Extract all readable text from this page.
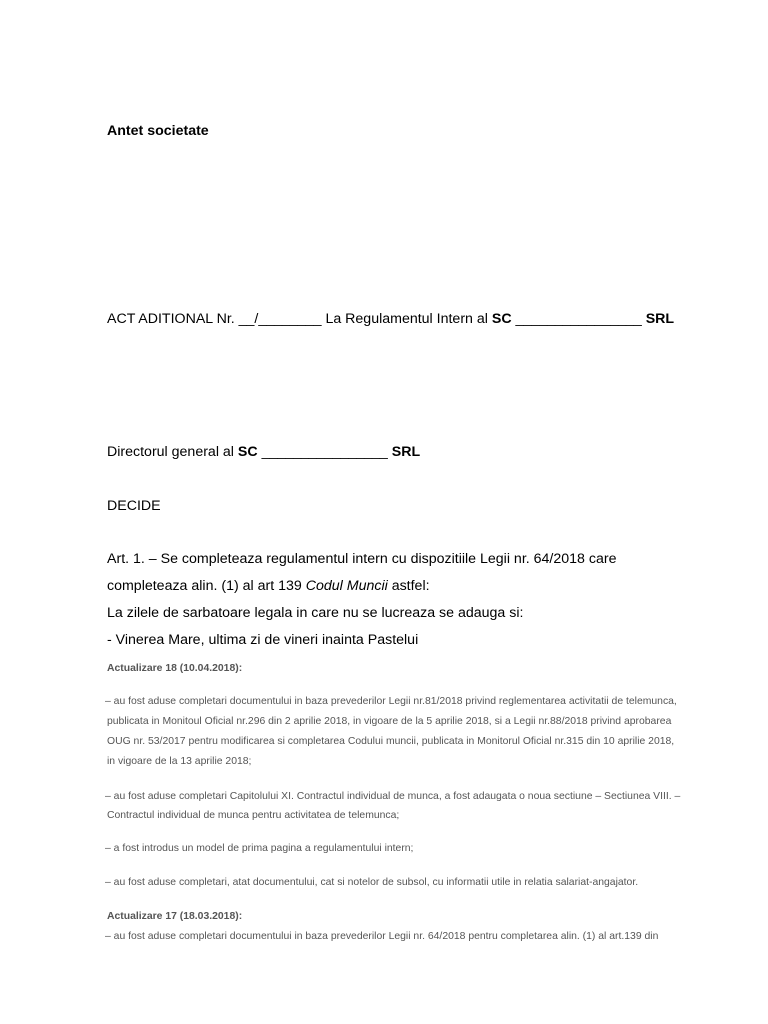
Antet societate
ACT ADITIONAL Nr. __/________ La Regulamentul Intern al SC ________________ SRL
Directorul general al SC ________________ SRL
DECIDE
Art. 1. – Se completeaza regulamentul intern cu dispozitiile Legii nr. 64/2018 care
completeaza alin. (1) al art 139 Codul Muncii astfel:
La zilele de sarbatoare legala in care nu se lucreaza se adauga si:
- Vinerea Mare, ultima zi de vineri inainta Pastelui
Actualizare 18 (10.04.2018):
– au fost aduse completari documentului in baza prevederilor Legii nr.81/2018 privind reglementarea activitatii de telemunca,
publicata in Monitoul Oficial nr.296 din 2 aprilie 2018, in vigoare de la 5 aprilie 2018, si a Legii nr.88/2018 privind aprobarea
OUG nr. 53/2017 pentru modificarea si completarea Codului muncii, publicata in Monitorul Oficial nr.315 din 10 aprilie 2018,
in vigoare de la 13 aprilie 2018;
– au fost aduse completari Capitolului XI. Contractul individual de munca, a fost adaugata o noua sectiune – Sectiunea VIII. –
Contractul individual de munca pentru activitatea de telemunca;
– a fost introdus un model de prima pagina a regulamentului intern;
– au fost aduse completari, atat documentului, cat si notelor de subsol, cu informatii utile in relatia salariat-angajator.
Actualizare 17 (18.03.2018):
– au fost aduse completari documentului in baza prevederilor Legii nr. 64/2018 pentru completarea alin. (1) al art.139 din
